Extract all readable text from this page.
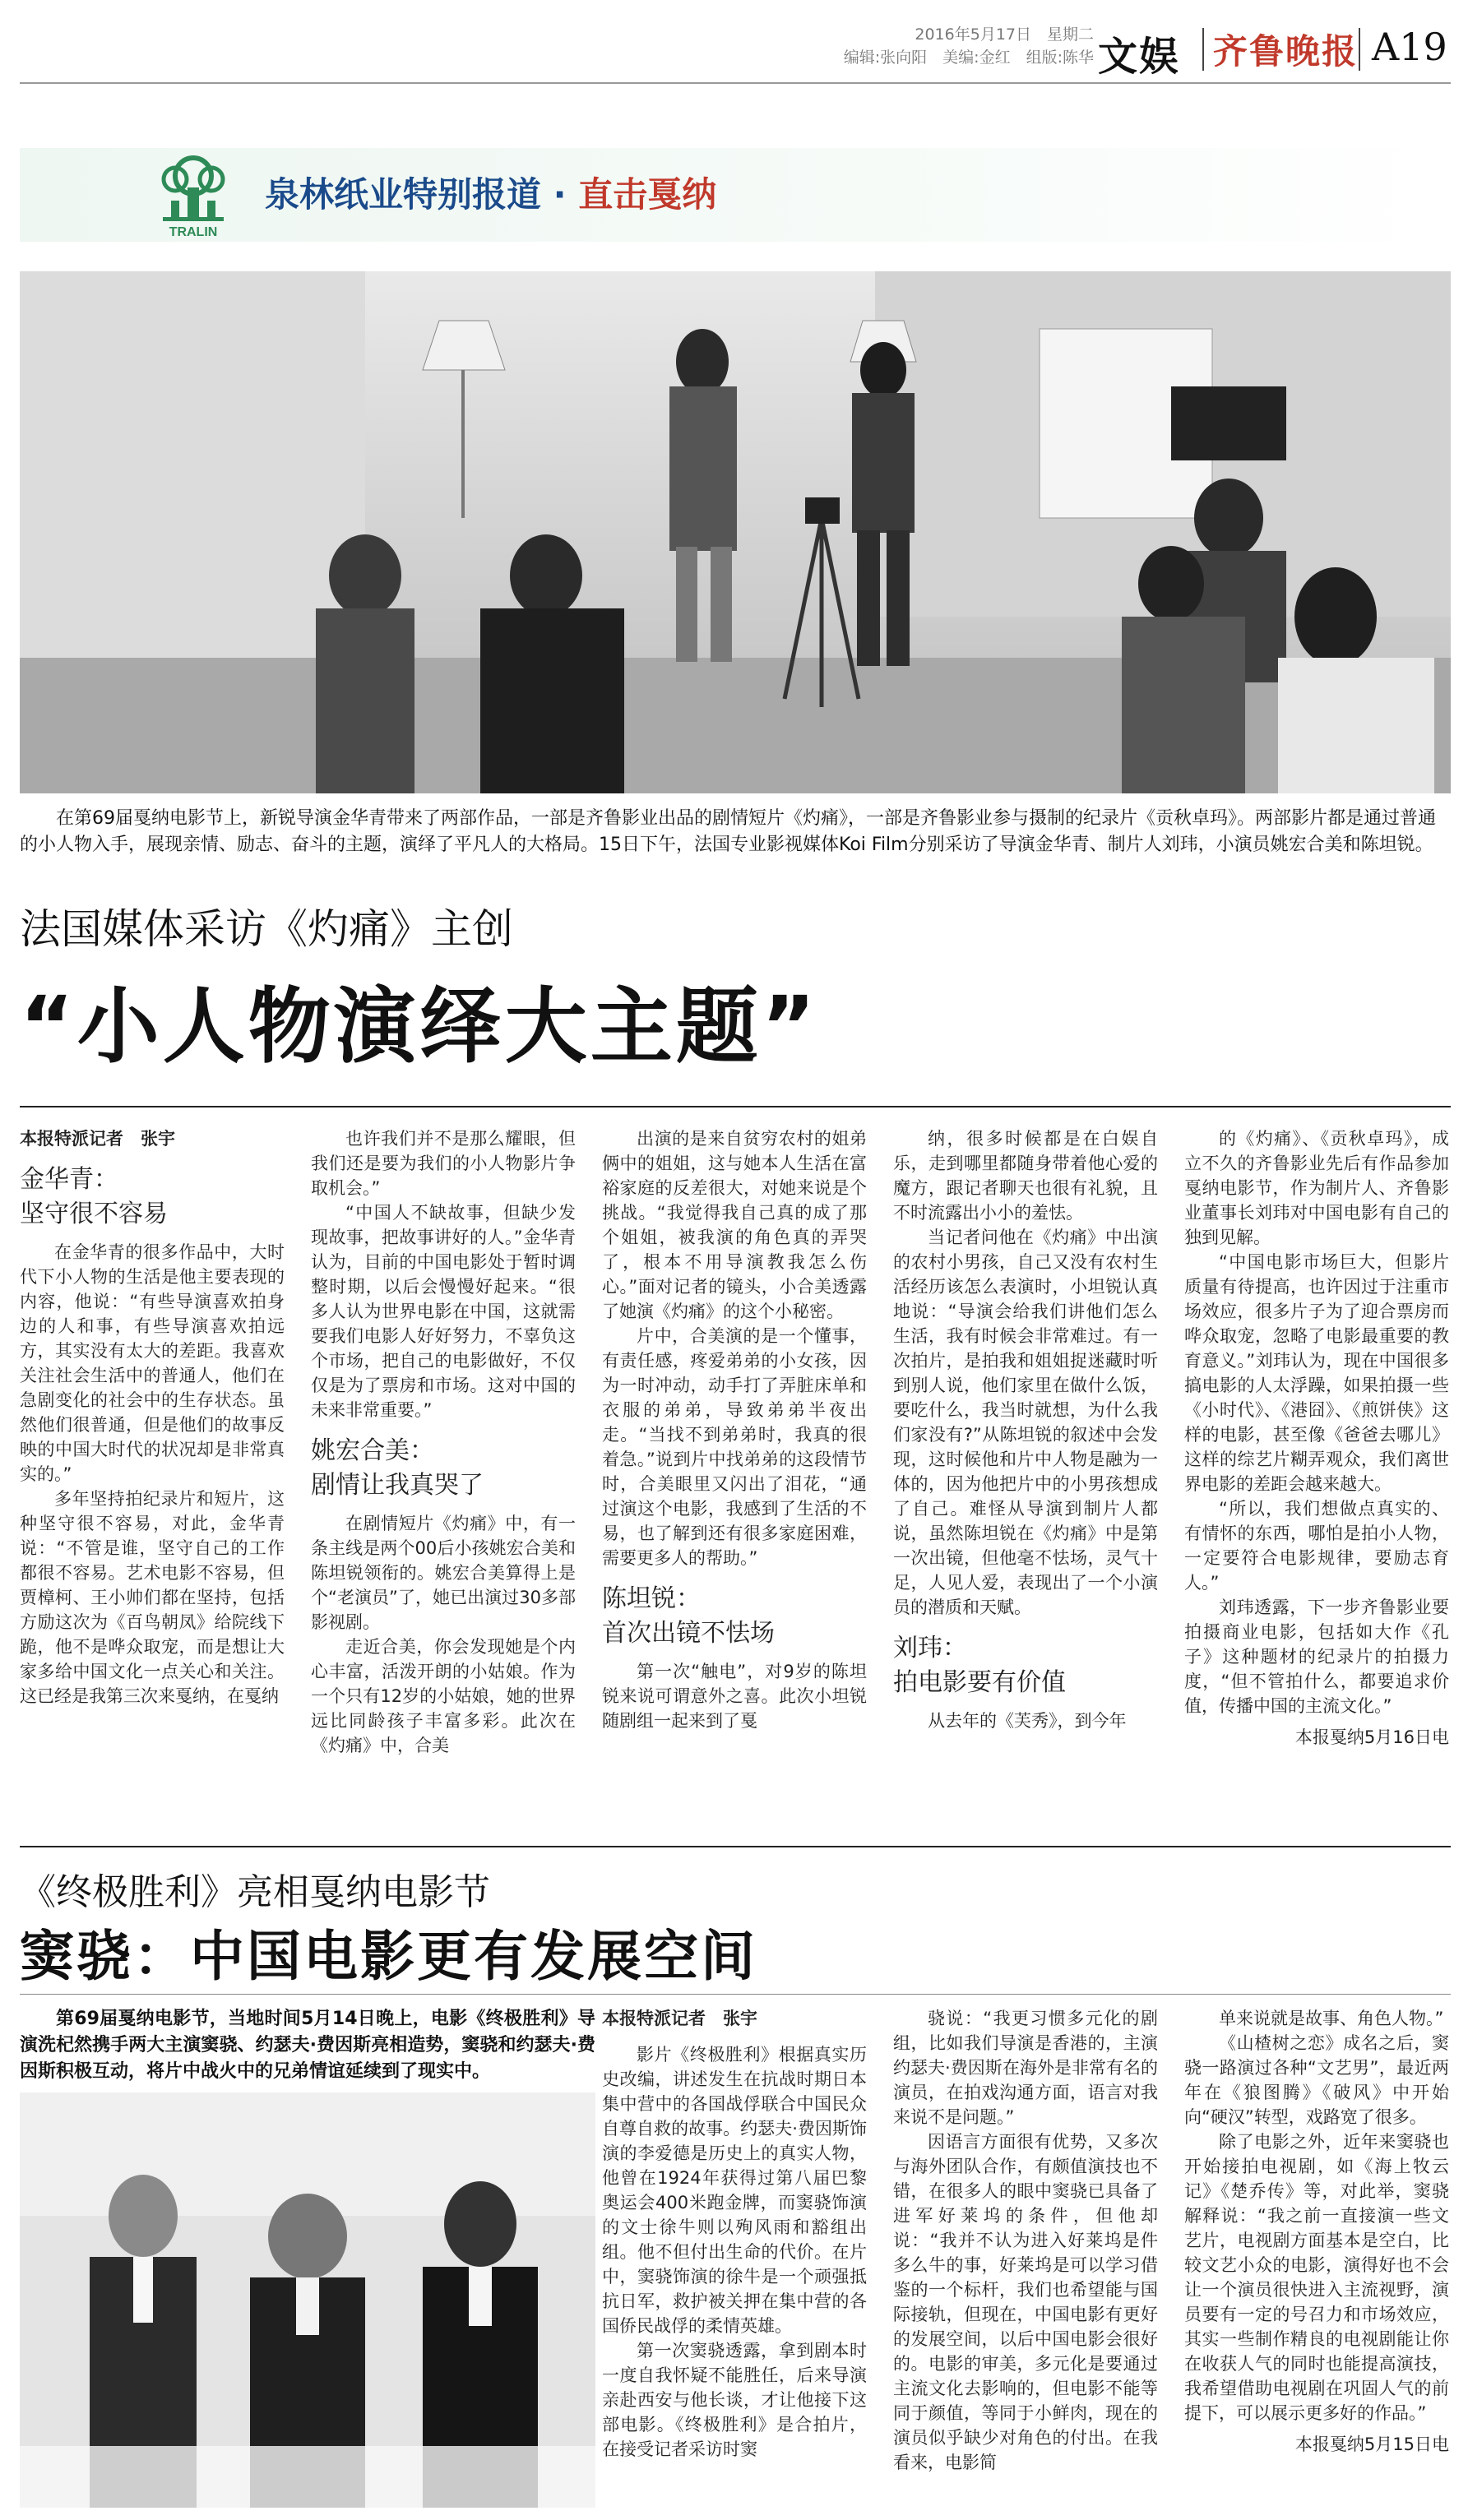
2016年5月17日　星期二
编辑:张向阳　美编:金红　组版:陈华 文娱 齐鲁晚报 A19
TRALIN
泉林纸业特别报道 · 直击戛纳
在第69届戛纳电影节上，新锐导演金华青带来了两部作品，一部是齐鲁影业出品的剧情短片《灼痛》，一部是齐鲁影业参与摄制的纪录片《贡秋卓玛》。两部影片都是通过普通的小人物入手，展现亲情、励志、奋斗的主题，演绎了平凡人的大格局。15日下午，法国专业影视媒体Koi Film分别采访了导演金华青、制片人刘玮，小演员姚宏合美和陈坦锐。
法国媒体采访《灼痛》主创
“小人物演绎大主题”
本报特派记者　张宇
金华青：
坚守很不容易

在金华青的很多作品中，大时代下小人物的生活是他主要表现的内容，他说：“有些导演喜欢拍身边的人和事，有些导演喜欢拍远方，其实没有太大的差距。我喜欢关注社会生活中的普通人，他们在急剧变化的社会中的生存状态。虽然他们很普通，但是他们的故事反映的中国大时代的状况却是非常真实的。”

多年坚持拍纪录片和短片，这种坚守很不容易，对此，金华青说：“不管是谁，坚守自己的工作都很不容易。艺术电影不容易，但贾樟柯、王小帅们都在坚持，包括方励这次为《百鸟朝凤》给院线下跪，他不是哗众取宠，而是想让大家多给中国文化一点关心和关注。这已经是我第三次来戛纳，在戛纳

也许我们并不是那么耀眼，但我们还是要为我们的小人物影片争取机会。”

“中国人不缺故事，但缺少发现故事，把故事讲好的人。”金华青认为，目前的中国电影处于暂时调整时期，以后会慢慢好起来。“很多人认为世界电影在中国，这就需要我们电影人好好努力，不辜负这个市场，把自己的电影做好，不仅仅是为了票房和市场。这对中国的未来非常重要。”

姚宏合美：
剧情让我真哭了

在剧情短片《灼痛》中，有一条主线是两个00后小孩姚宏合美和陈坦锐领衔的。姚宏合美算得上是个“老演员”了，她已出演过30多部影视剧。

走近合美，你会发现她是个内心丰富，活泼开朗的小姑娘。作为一个只有12岁的小姑娘，她的世界远比同龄孩子丰富多彩。此次在《灼痛》中，合美

出演的是来自贫穷农村的姐弟俩中的姐姐，这与她本人生活在富裕家庭的反差很大，对她来说是个挑战。“我觉得我自己真的成了那个姐姐，被我演的角色真的弄哭了，根本不用导演教我怎么伤心。”面对记者的镜头，小合美透露了她演《灼痛》的这个小秘密。

片中，合美演的是一个懂事，有责任感，疼爱弟弟的小女孩，因为一时冲动，动手打了弄脏床单和衣服的弟弟，导致弟弟半夜出走。“当找不到弟弟时，我真的很着急。”说到片中找弟弟的这段情节时，合美眼里又闪出了泪花，“通过演这个电影，我感到了生活的不易，也了解到还有很多家庭困难，需要更多人的帮助。”

陈坦锐：
首次出镜不怯场

第一次“触电”，对9岁的陈坦锐来说可谓意外之喜。此次小坦锐随剧组一起来到了戛

纳，很多时候都是在白娱自乐，走到哪里都随身带着他心爱的魔方，跟记者聊天也很有礼貌，且不时流露出小小的羞怯。

当记者问他在《灼痛》中出演的农村小男孩，自己又没有农村生活经历该怎么表演时，小坦锐认真地说：“导演会给我们讲他们怎么生活，我有时候会非常难过。有一次拍片，是拍我和姐姐捉迷藏时听到别人说，他们家里在做什么饭，要吃什么，我当时就想，为什么我们家没有?”从陈坦锐的叙述中会发现，这时候他和片中人物是融为一体的，因为他把片中的小男孩想成了自己。难怪从导演到制片人都说，虽然陈坦锐在《灼痛》中是第一次出镜，但他毫不怯场，灵气十足，人见人爱，表现出了一个小演员的潜质和天赋。

刘玮：
拍电影要有价值

从去年的《芙秀》，到今年

的《灼痛》、《贡秋卓玛》，成立不久的齐鲁影业先后有作品参加戛纳电影节，作为制片人、齐鲁影业董事长刘玮对中国电影有自己的独到见解。

“中国电影市场巨大，但影片质量有待提高，也许因过于注重市场效应，很多片子为了迎合票房而哗众取宠，忽略了电影最重要的教育意义。”刘玮认为，现在中国很多搞电影的人太浮躁，如果拍摄一些《小时代》、《港囧》、《煎饼侠》这样的电影，甚至像《爸爸去哪儿》这样的综艺片糊弄观众，我们离世界电影的差距会越来越大。

“所以，我们想做点真实的、有情怀的东西，哪怕是拍小人物，一定要符合电影规律，要励志育人。”

刘玮透露，下一步齐鲁影业要拍摄商业电影，包括如大作《孔子》这种题材的纪录片的拍摄力度，“但不管拍什么，都要追求价值，传播中国的主流文化。”

本报戛纳5月16日电
《终极胜利》亮相戛纳电影节
窦骁：中国电影更有发展空间
第69届戛纳电影节，当地时间5月14日晚上，电影《终极胜利》导演洗杞然携手两大主演窦骁、约瑟夫·费因斯亮相造势，窦骁和约瑟夫·费因斯积极互动，将片中战火中的兄弟情谊延续到了现实中。
本报特派记者　张宇

影片《终极胜利》根据真实历史改编，讲述发生在抗战时期日本集中营中的各国战俘联合中国民众自尊自救的故事。约瑟夫·费因斯饰演的李爱德是历史上的真实人物，他曾在1924年获得过第八届巴黎奥运会400米跑金牌，而窦骁饰演的文士徐牛则以殉风雨和豁组出组。他不但付出生命的代价。在片中，窦骁饰演的徐牛是一个顽强抵抗日军，救护被关押在集中营的各国侨民战俘的柔情英雄。

第一次窦骁透露，拿到剧本时一度自我怀疑不能胜任，后来导演亲赴西安与他长谈，才让他接下这部电影。《终极胜利》是合拍片，在接受记者采访时窦

骁说：“我更习惯多元化的剧组，比如我们导演是香港的，主演约瑟夫·费因斯在海外是非常有名的演员，在拍戏沟通方面，语言对我来说不是问题。”

因语言方面很有优势，又多次与海外团队合作，有颇值演技也不错，在很多人的眼中窦骁已具备了进军好莱坞的条件，但他却说：“我并不认为进入好莱坞是件多么牛的事，好莱坞是可以学习借鉴的一个标杆，我们也希望能与国际接轨，但现在，中国电影有更好的发展空间，以后中国电影会很好的。电影的审美，多元化是要通过主流文化去影响的，但电影不能等同于颜值，等同于小鲜肉，现在的演员似乎缺少对角色的付出。在我看来，电影简

单来说就是故事、角色人物。”

《山楂树之恋》成名之后，窦骁一路演过各种“文艺男”，最近两年在《狼图腾》《破风》中开始向“硬汉”转型，戏路宽了很多。

除了电影之外，近年来窦骁也开始接拍电视剧，如《海上牧云记》《楚乔传》等，对此举，窦骁解释说：“我之前一直接演一些文艺片，电视剧方面基本是空白，比较文艺小众的电影，演得好也不会让一个演员很快进入主流视野，演员要有一定的号召力和市场效应，其实一些制作精良的电视剧能让你在收获人气的同时也能提高演技，我希望借助电视剧在巩固人气的前提下，可以展示更多好的作品。”

本报戛纳5月15日电
